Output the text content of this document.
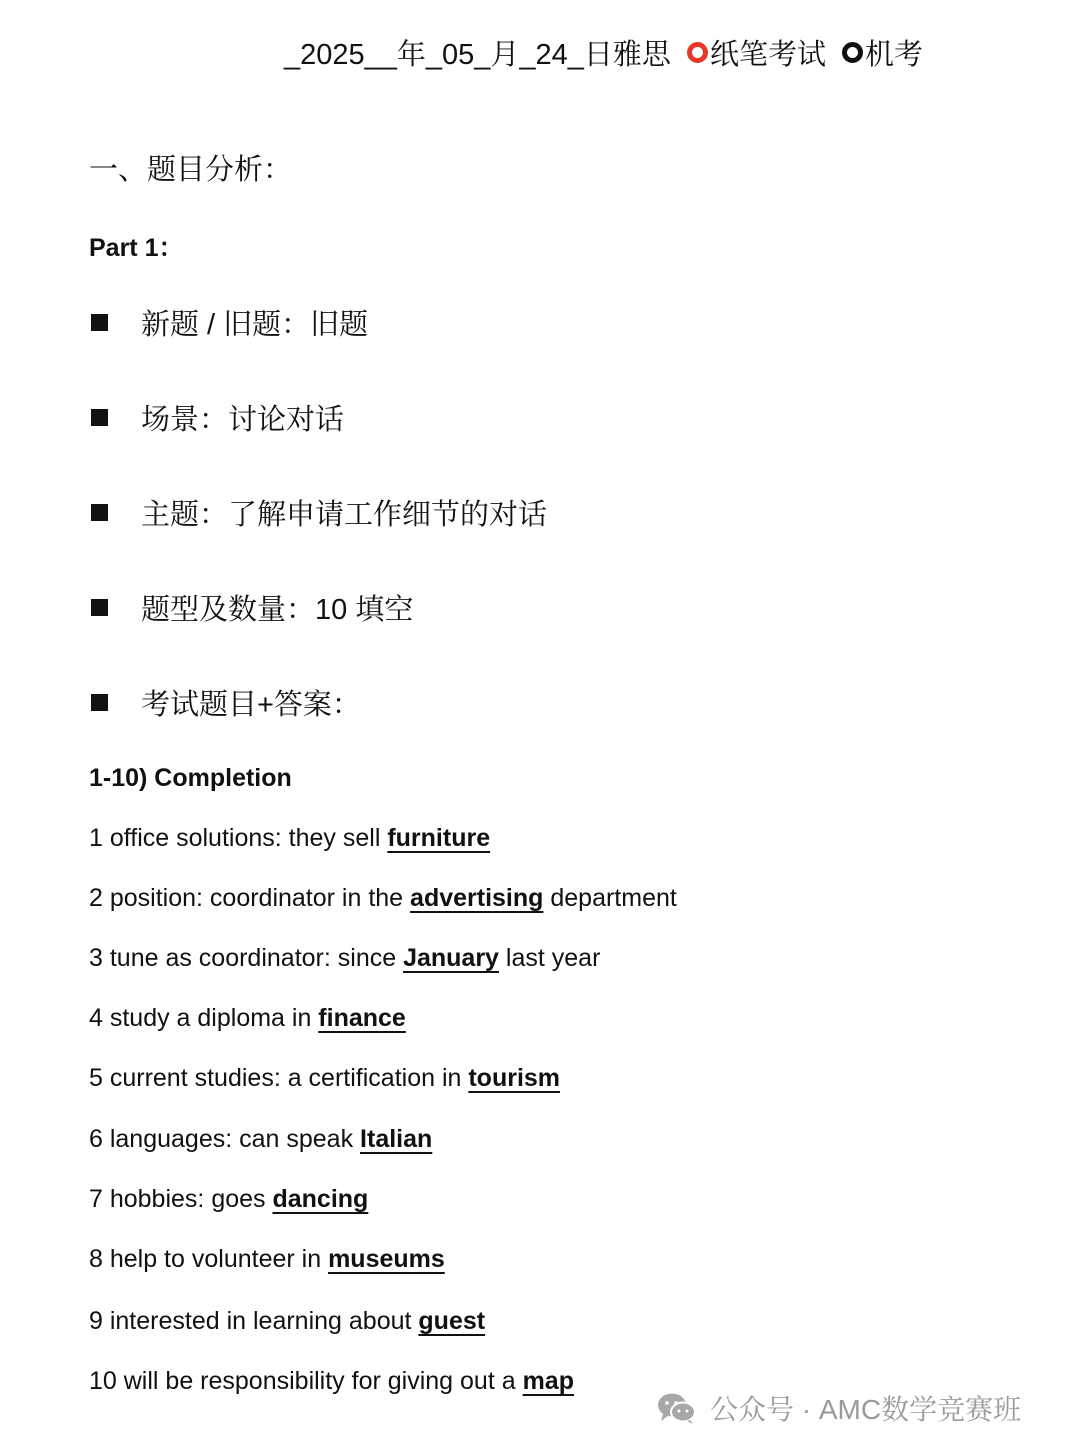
_2025__年_05_月_24_日雅思 纸笔考试 机考
一、题目分析：
Part 1：
新题 / 旧题：旧题
场景：讨论对话
主题：了解申请工作细节的对话
题型及数量：10 填空
考试题目+答案：
1-10) Completion
1 office solutions: they sell furniture
2 position: coordinator in the advertising department
3 tune as coordinator: since January last year
4 study a diploma in finance
5 current studies: a certification in tourism
6 languages: can speak Italian
7 hobbies: goes dancing
8 help to volunteer in museums
9 interested in learning about guest
10 will be responsibility for giving out a map
公众号 · AMC数学竞赛班
